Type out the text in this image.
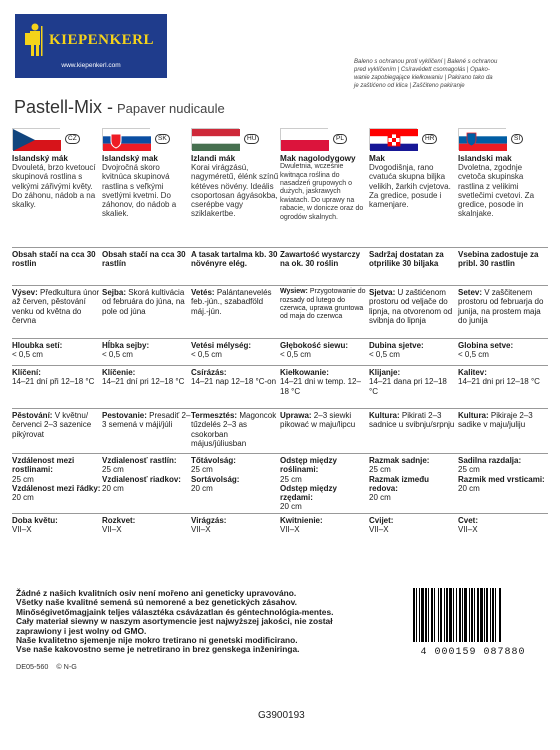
KIEPENKERL
www.kiepenkerl.com	Baleno s ochranou proti vyklíčení | Balené s ochranou
pred vyklíčením | Csíravédett csomagolás | Opako-
wanie zapobiegające kiełkowaniu | Pakirano tako da
je zaštićeno od klica | Zaščiteno pakiranje
Pastell-Mix - Papaver nudicaule
CZ
Islandský mák
Dvouletá, brzo kvetoucí skupinová rostlina s velkými zářivými květy. Do záhonu, nádob a na skalky.
Obsah stačí na cca 30 rostlin
Výsev: Předkultura únor až červen, pěstování venku od května do června
Hloubka setí:
< 0,5 cm
Klíčení:
14–21 dní při 12–18 °C
Pěstování: V květnu/červenci 2–3 sazenice pikýrovat
Vzdálenost mezi rostlinami:
25 cm
Vzdálenost mezi řádky:
20 cm
Doba květu:
VII–X
SK
Islandský mak
Dvojročná skoro kvitnúca skupinová rastlina s veľkými svetlými kvetmi. Do záhonov, do nádob a skaliek.
Obsah stačí na cca 30 rastlín
Sejba: Skorá kultivácia od februára do júna, na pole od júna
Hĺbka sejby:
< 0,5 cm
Klíčenie:
14–21 dní pri 12–18 °C
Pestovanie: Presadiť 2–3 semená v máji/júli
Vzdialenosť rastlín:
25 cm
Vzdialenosť riadkov:
20 cm
Rozkvet:
VII–X
HU
Izlandi mák
Korai virágzású, nagyméretű, élénk színű kétéves növény. Ideális csoportosan ágyásokba, cserépbe vagy sziklakertbe.
A tasak tartalma kb. 30 növényre elég.
Vetés: Palántanevelés feb.-jún., szabadföld máj.-jún.
Vetési mélység:
< 0,5 cm
Csírázás:
14–21 nap 12–18 °C-on
Termesztés: Magoncok tűzdelés 2–3 as csokorban május/júliusban
Tőtávolság:
25 cm
Sortávolság:
20 cm
Virágzás:
VII–X
PL
Mak nagolodygowy
Dwuletnia, wcześnie kwitnąca roślina do nasadzeń grupowych o dużych, jaskrawych kwiatach. Do uprawy na rabacie, w donicze oraz do ogrodów skalnych.
Zawartość wystarczy na ok. 30 roślin
Wysiew: Przygotowanie do rozsady od lutego do czerwca, uprawa gruntowa od maja do czerwca
Głębokość siewu:
< 0,5 cm
Kiełkowanie:
14–21 dni w temp. 12–18 °C
Uprawa: 2–3 siewki pikować w maju/lipcu
Odstęp między roślinami:
25 cm
Odstęp między rzędami:
20 cm
Kwitnienie:
VII–X
HR
Mak
Dvogodišnja, rano cvatuća skupna biljka velikih, žarkih cvjetova. Za gredice, posude i kamenjare.
Sadržaj dostatan za otprilike 30 biljaka
Sjetva: U zaštićenom prostoru od veljače do lipnja, na otvorenom od svibnja do lipnja
Dubina sjetve:
< 0,5 cm
Klijanje:
14–21 dana pri 12–18 °C
Kultura: Pikirati 2–3 sadnice u svibnju/srpnju
Razmak sadnje:
25 cm
Razmak između redova:
20 cm
Cvijet:
VII–X
SI
Islandski mak
Dvoletna, zgodnje cvetoča skupinska rastlina z velikimi svetlečimi cvetovi. Za gredice, posode in skalnjake.
Vsebina zadostuje za pribl. 30 rastlin
Setev: V zaščitenem prostoru od februarja do junija, na prostem maja do junija
Globina setve:
< 0,5 cm
Kalitev:
14–21 dni pri 12–18 °C
Kultura: Pikiraje 2–3 sadike v maju/juliju
Sadilna razdalja:
25 cm
Razmik med vrsticami:
20 cm
Cvet:
VII–X
Žádné z našich kvalitních osiv není mořeno ani geneticky upravováno.
Všetky naše kvalitné semená sú nemorené a bez genetických zásahov.
Minőségivetőmagjaink teljes választéka csávázatlan és géntechnológia-mentes.
Cały materiał siewny w naszym asortymencie jest najwyższej jakości, nie został
zaprawiony i jest wolny od GMO.
Naše kvalitetno sjemenje nije mokro tretirano ni genetski modificirano.
Vse naše kakovostno seme je netretirano in brez genskega inženiringa.	4 000159 087880
DE05-560 © N-G
G3900193
